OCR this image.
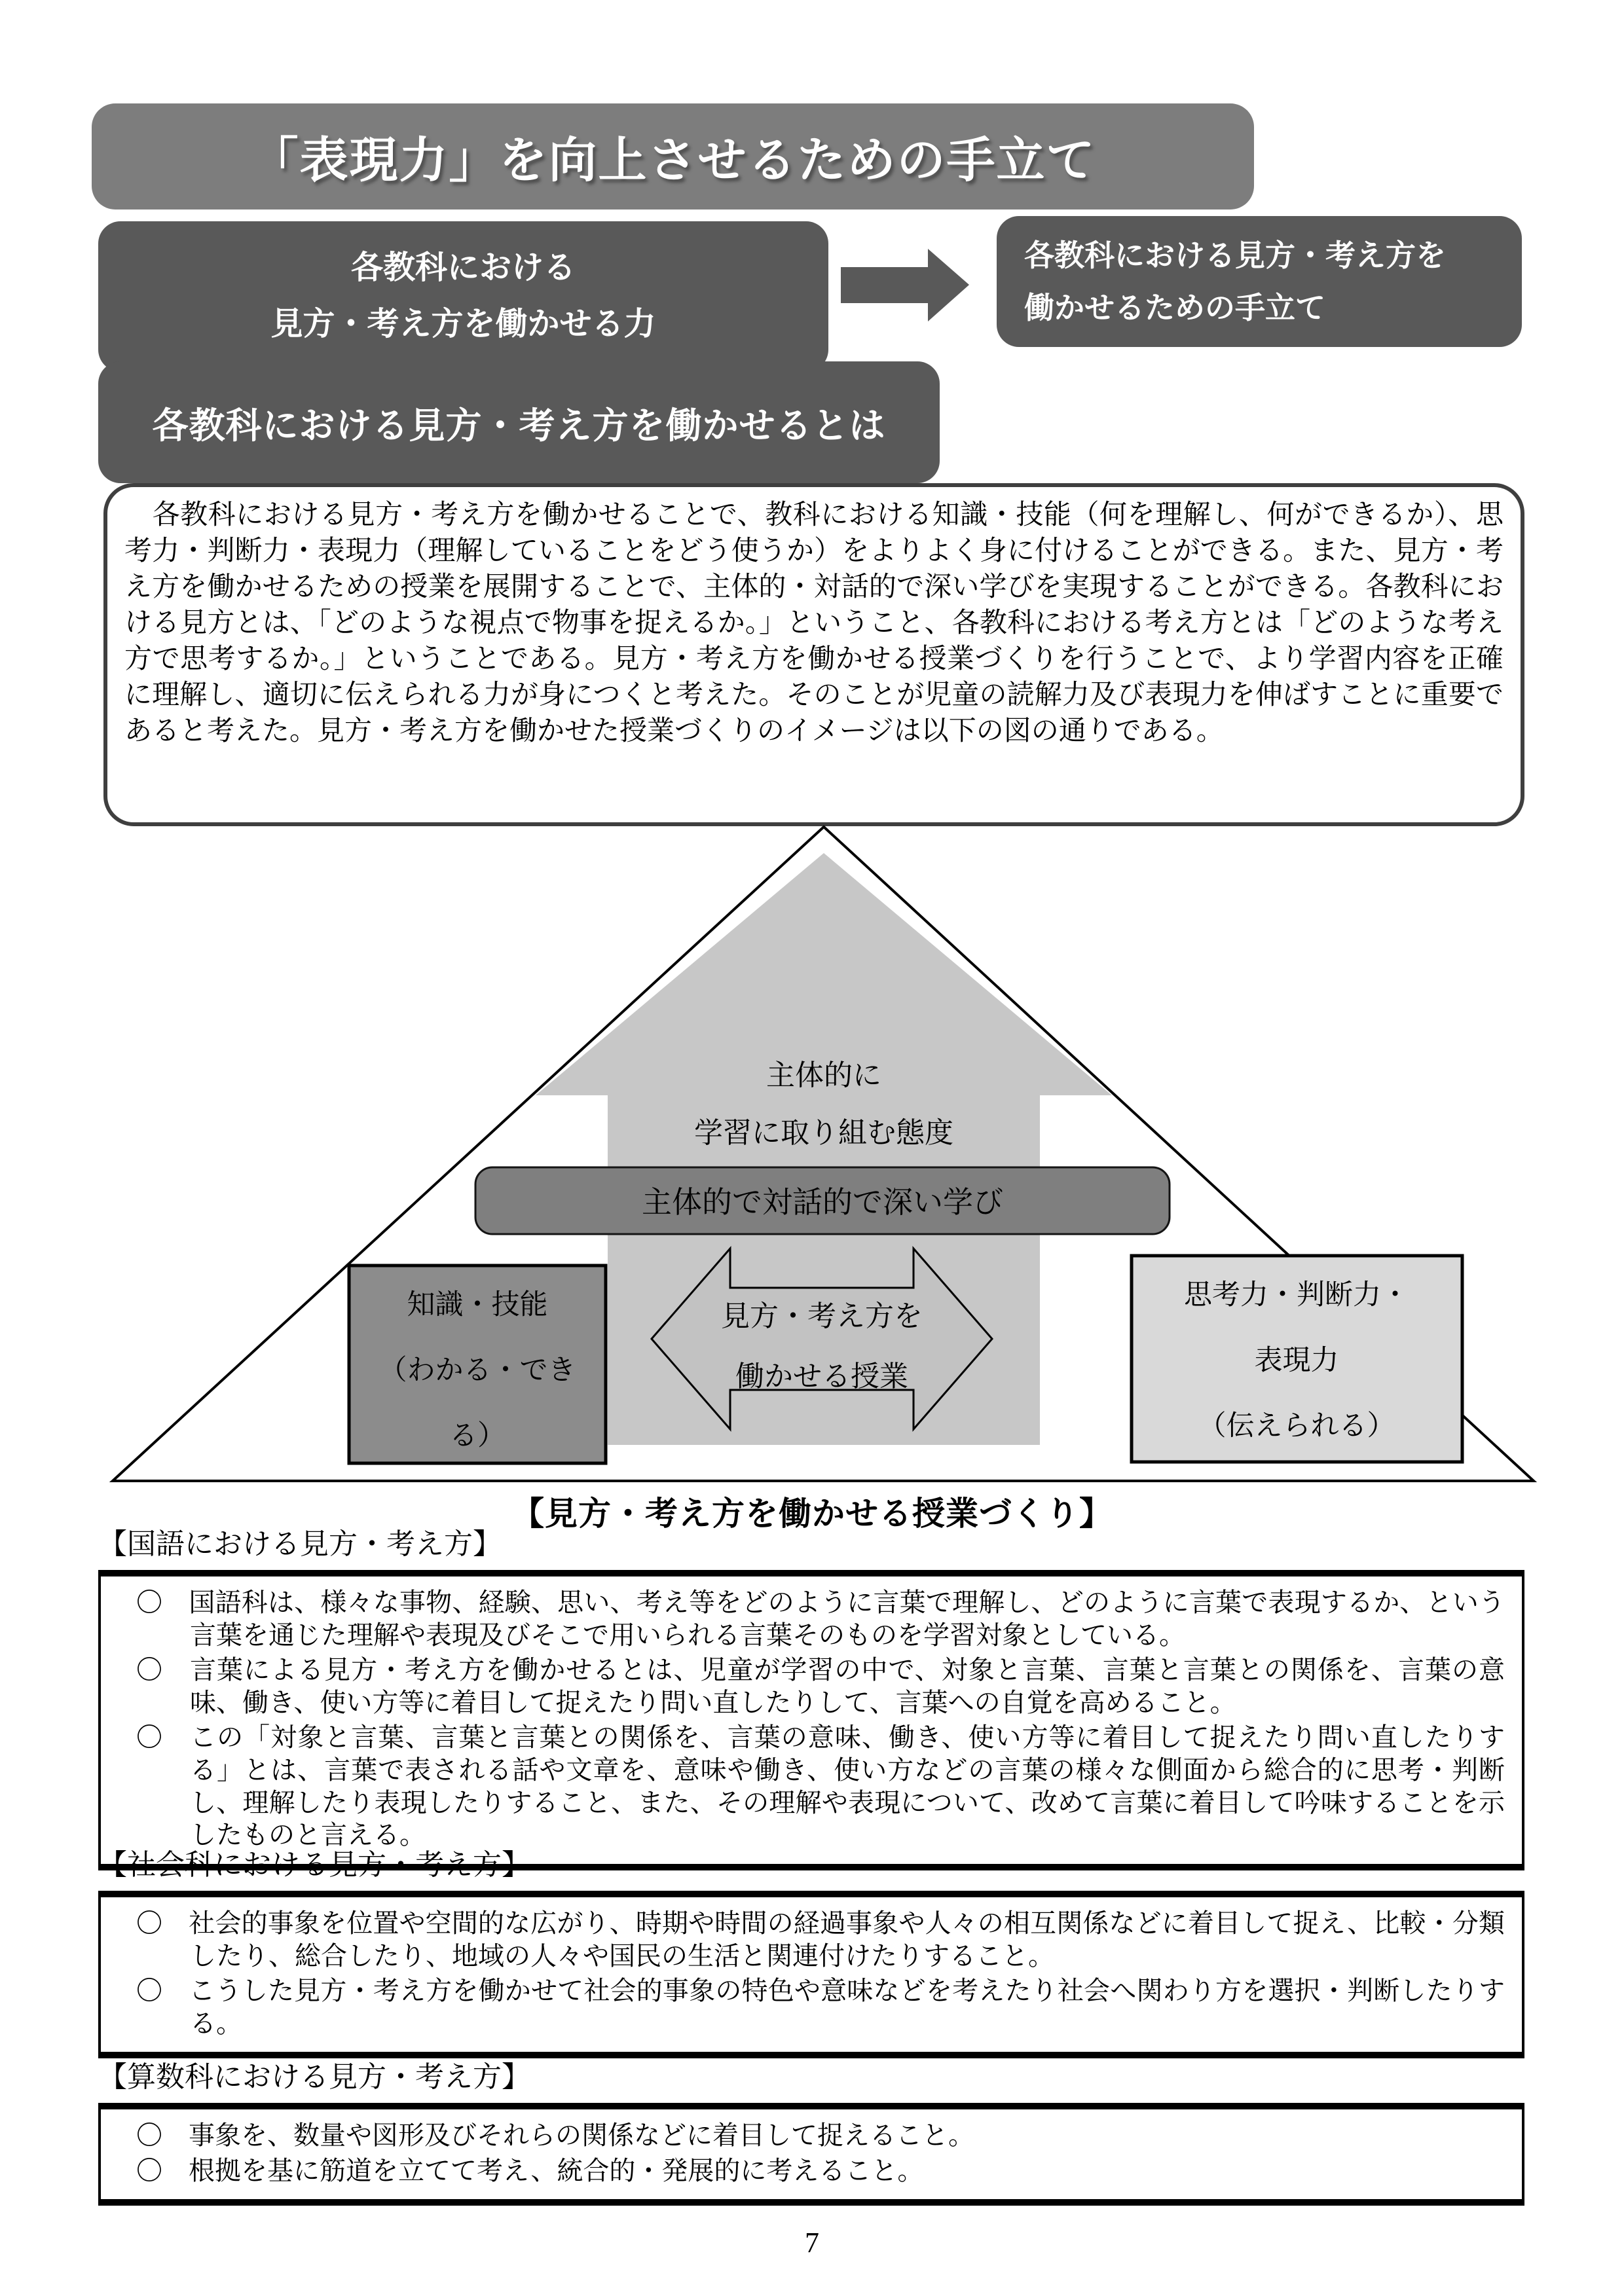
「表現力」を向上させるための手立て
各教科における
見方・考え方を働かせる力
各教科における見方・考え方を
働かせるための手立て
各教科における見方・考え方を働かせるとは

　各教科における見方・考え方を働かせることで、教科における知識・技能（何を理解し、何ができるか）、思考力・判断力・表現力（理解していることをどう使うか）をよりよく身に付けることができる。また、見方・考え方を働かせるための授業を展開することで、主体的・対話的で深い学びを実現することができる。各教科における見方とは、「どのような視点で物事を捉えるか。」ということ、各教科における考え方とは「どのような考え方で思考するか。」ということである。見方・考え方を働かせる授業づくりを行うことで、より学習内容を正確に理解し、適切に伝えられる力が身につくと考えた。そのことが児童の読解力及び表現力を伸ばすことに重要であると考えた。見方・考え方を働かせた授業づくりのイメージは以下の図の通りである。

主体的に
学習に取り組む態度
主体的で対話的で深い学び
知識・技能
（わかる・でき
る）
見方・考え方を
働かせる授業
思考力・判断力・
表現力
（伝えられる）
【見方・考え方を働かせる授業づくり】
【国語における見方・考え方】

〇　国語科は、様々な事物、経験、思い、考え等をどのように言葉で理解し、どのように言葉で表現するか、という言葉を通じた理解や表現及びそこで用いられる言葉そのものを学習対象としている。

〇　言葉による見方・考え方を働かせるとは、児童が学習の中で、対象と言葉、言葉と言葉との関係を、言葉の意味、働き、使い方等に着目して捉えたり問い直したりして、言葉への自覚を高めること。

〇　この「対象と言葉、言葉と言葉との関係を、言葉の意味、働き、使い方等に着目して捉えたり問い直したりする」とは、言葉で表される話や文章を、意味や働き、使い方などの言葉の様々な側面から総合的に思考・判断し、理解したり表現したりすること、また、その理解や表現について、改めて言葉に着目して吟味することを示したものと言える。

【社会科における見方・考え方】

〇　社会的事象を位置や空間的な広がり、時期や時間の経過事象や人々の相互関係などに着目して捉え、比較・分類したり、総合したり、地域の人々や国民の生活と関連付けたりすること。

〇　こうした見方・考え方を働かせて社会的事象の特色や意味などを考えたり社会へ関わり方を選択・判断したりする。

【算数科における見方・考え方】

〇　事象を、数量や図形及びそれらの関係などに着目して捉えること。

〇　根拠を基に筋道を立てて考え、統合的・発展的に考えること。

7
